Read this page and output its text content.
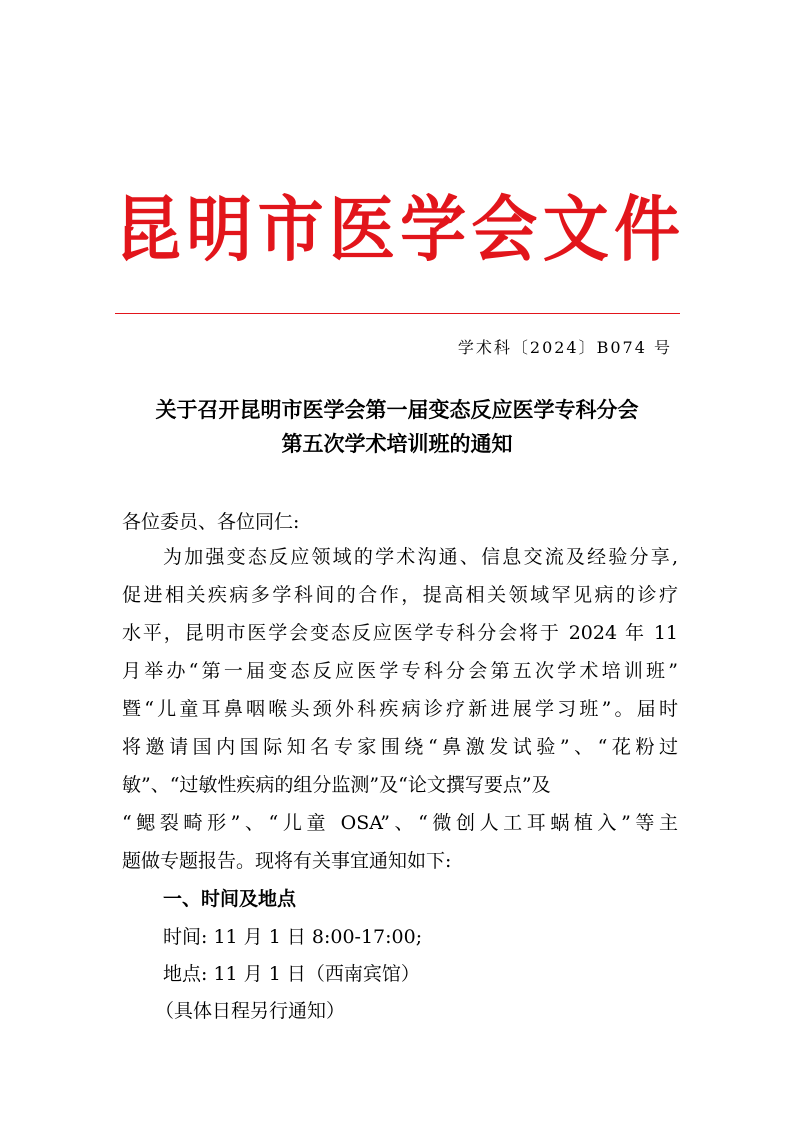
昆 明 市 医 学 会 文 件
学术科〔2024〕B074 号
关于召开昆明市医学会第一届变态反应医学专科分会
第五次学术培训班的通知
各位委员、各位同仁:
为加强变态反应领域的学术沟通、信息交流及经验分享,
促进相关疾病多学科间的合作，提高相关领域罕见病的诊疗
水平，昆明市医学会变态反应医学专科分会将于 2024 年 11
月举办“第一届变态反应医学专科分会第五次学术培训班”
暨“儿童耳鼻咽喉头颈外科疾病诊疗新进展学习班”。届时
将邀请国内国际知名专家围绕“鼻激发试验”、“花粉过
敏”、“过敏性疾病的组分监测”及“论文撰写要点”及
“鳃裂畸形”、“儿童 OSA”、“微创人工耳蜗植入”等主
题做专题报告。现将有关事宜通知如下:
一、时间及地点
时间: 11 月 1 日 8:00-17:00;
地点: 11 月 1 日（西南宾馆）
（具体日程另行通知）
